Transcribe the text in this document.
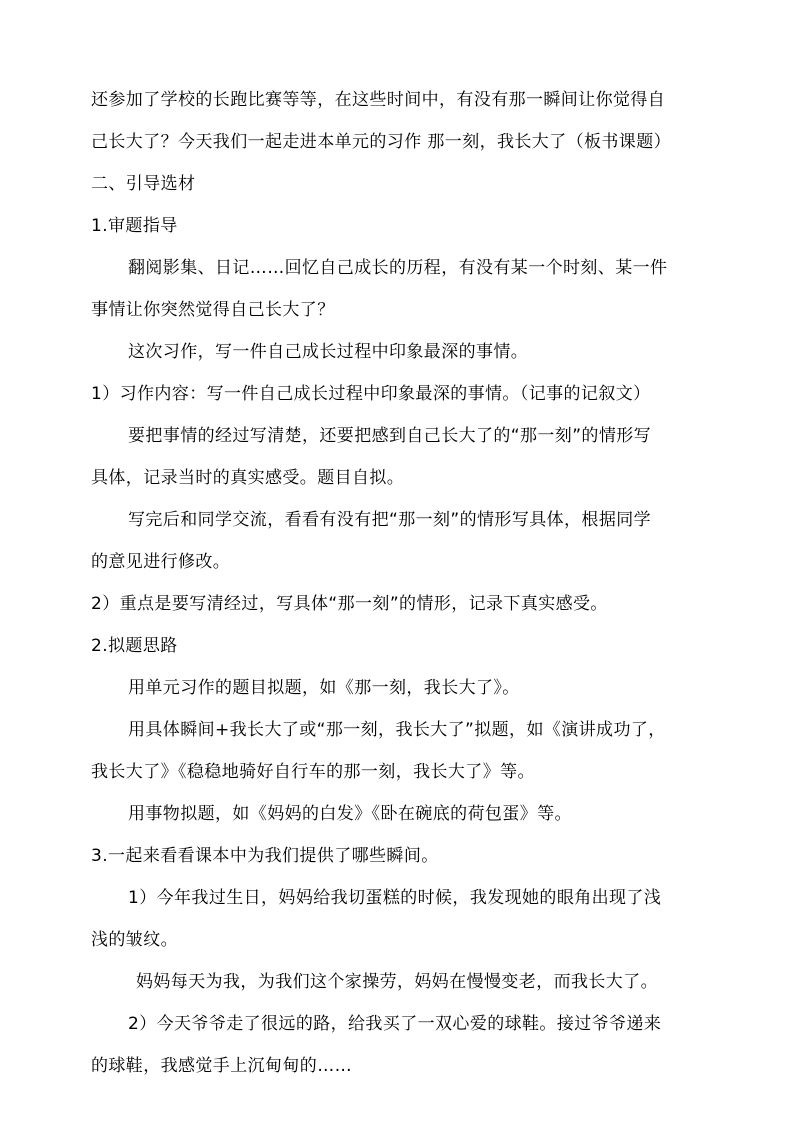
还参加了学校的长跑比赛等等，在这些时间中，有没有那一瞬间让你觉得自
己长大了？今天我们一起走进本单元的习作 那一刻，我长大了（板书课题）
二、引导选材
1.审题指导
翻阅影集、日记……回忆自己成长的历程，有没有某一个时刻、某一件
事情让你突然觉得自己长大了？
这次习作，写一件自己成长过程中印象最深的事情。
1）习作内容：写一件自己成长过程中印象最深的事情。（记事的记叙文）
要把事情的经过写清楚，还要把感到自己长大了的“那一刻”的情形写
具体，记录当时的真实感受。题目自拟。
写完后和同学交流，看看有没有把“那一刻”的情形写具体，根据同学
的意见进行修改。
2）重点是要写清经过，写具体“那一刻”的情形，记录下真实感受。
2.拟题思路
用单元习作的题目拟题，如《那一刻，我长大了》。
用具体瞬间+我长大了或“那一刻，我长大了”拟题，如《演讲成功了，
我长大了》《稳稳地骑好自行车的那一刻，我长大了》等。
用事物拟题，如《妈妈的白发》《卧在碗底的荷包蛋》等。
3.一起来看看课本中为我们提供了哪些瞬间。
1）今年我过生日，妈妈给我切蛋糕的时候，我发现她的眼角出现了浅
浅的皱纹。
妈妈每天为我，为我们这个家操劳，妈妈在慢慢变老，而我长大了。
2）今天爷爷走了很远的路，给我买了一双心爱的球鞋。接过爷爷递来
的球鞋，我感觉手上沉甸甸的……
